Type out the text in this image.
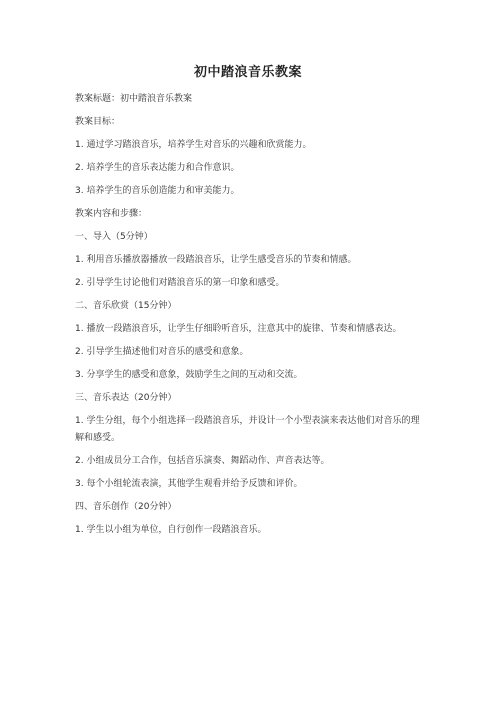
初中踏浪音乐教案

教案标题：初中踏浪音乐教案

教案目标：

1. 通过学习踏浪音乐，培养学生对音乐的兴趣和欣赏能力。

2. 培养学生的音乐表达能力和合作意识。

3. 培养学生的音乐创造能力和审美能力。

教案内容和步骤：

一、导入（5分钟）

1. 利用音乐播放器播放一段踏浪音乐，让学生感受音乐的节奏和情感。

2. 引导学生讨论他们对踏浪音乐的第一印象和感受。

二、音乐欣赏（15分钟）

1. 播放一段踏浪音乐，让学生仔细聆听音乐，注意其中的旋律、节奏和情感表达。

2. 引导学生描述他们对音乐的感受和意象。

3. 分享学生的感受和意象，鼓励学生之间的互动和交流。

三、音乐表达（20分钟）

1. 学生分组，每个小组选择一段踏浪音乐，并设计一个小型表演来表达他们对音乐的理解和感受。

2. 小组成员分工合作，包括音乐演奏、舞蹈动作、声音表达等。

3. 每个小组轮流表演，其他学生观看并给予反馈和评价。

四、音乐创作（20分钟）

1. 学生以小组为单位，自行创作一段踏浪音乐。
